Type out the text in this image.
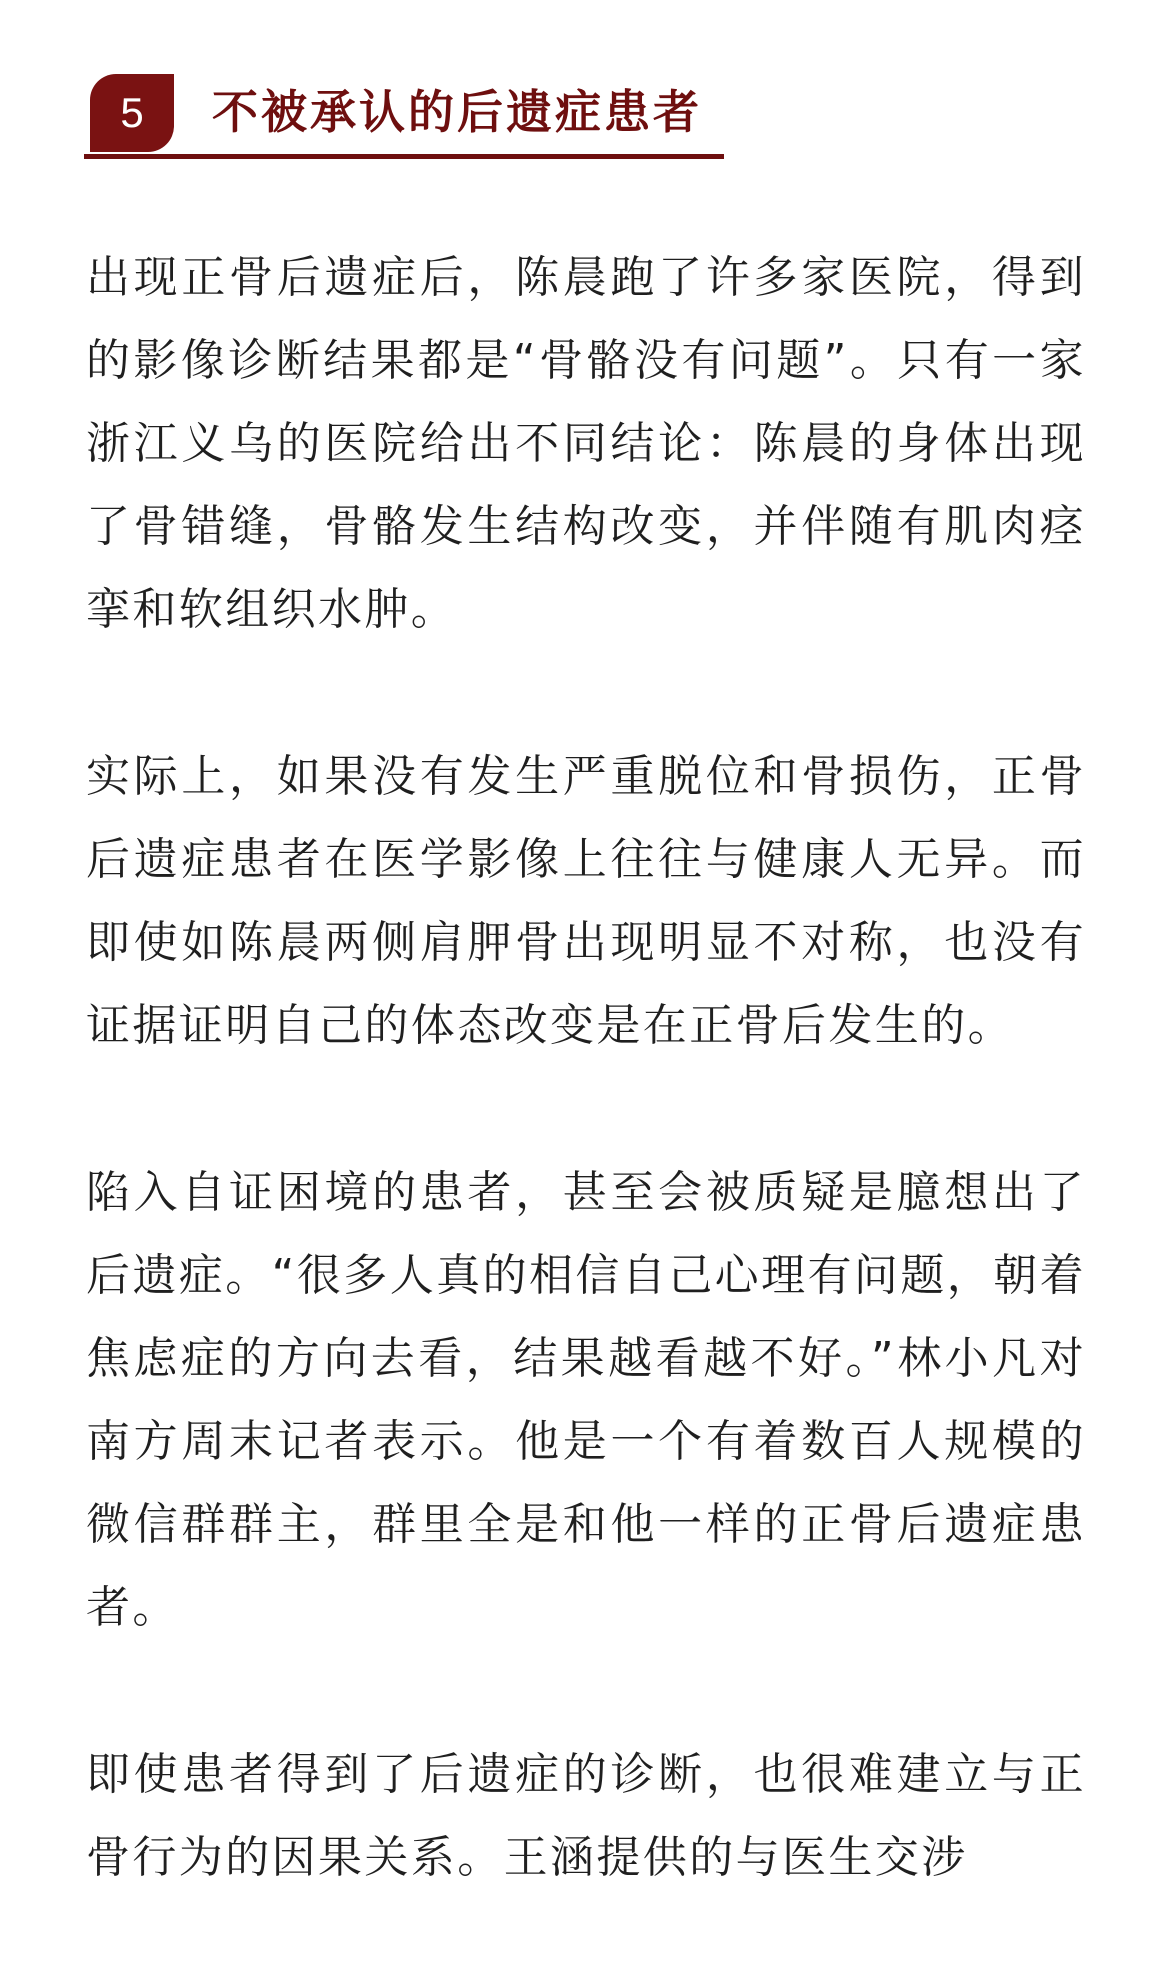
5	不被承认的后遗症患者

出现正骨后遗症后，陈晨跑了许多家医院，得到的影像诊断结果都是“骨骼没有问题”。只有一家浙江义乌的医院给出不同结论：陈晨的身体出现了骨错缝，骨骼发生结构改变，并伴随有肌肉痉挛和软组织水肿。

实际上，如果没有发生严重脱位和骨损伤，正骨后遗症患者在医学影像上往往与健康人无异。而即使如陈晨两侧肩胛骨出现明显不对称，也没有证据证明自己的体态改变是在正骨后发生的。

陷入自证困境的患者，甚至会被质疑是臆想出了后遗症。“很多人真的相信自己心理有问题，朝着焦虑症的方向去看，结果越看越不好。”林小凡对南方周末记者表示。他是一个有着数百人规模的微信群群主，群里全是和他一样的正骨后遗症患者。

即使患者得到了后遗症的诊断，也很难建立与正骨行为的因果关系。王涵提供的与医生交涉
